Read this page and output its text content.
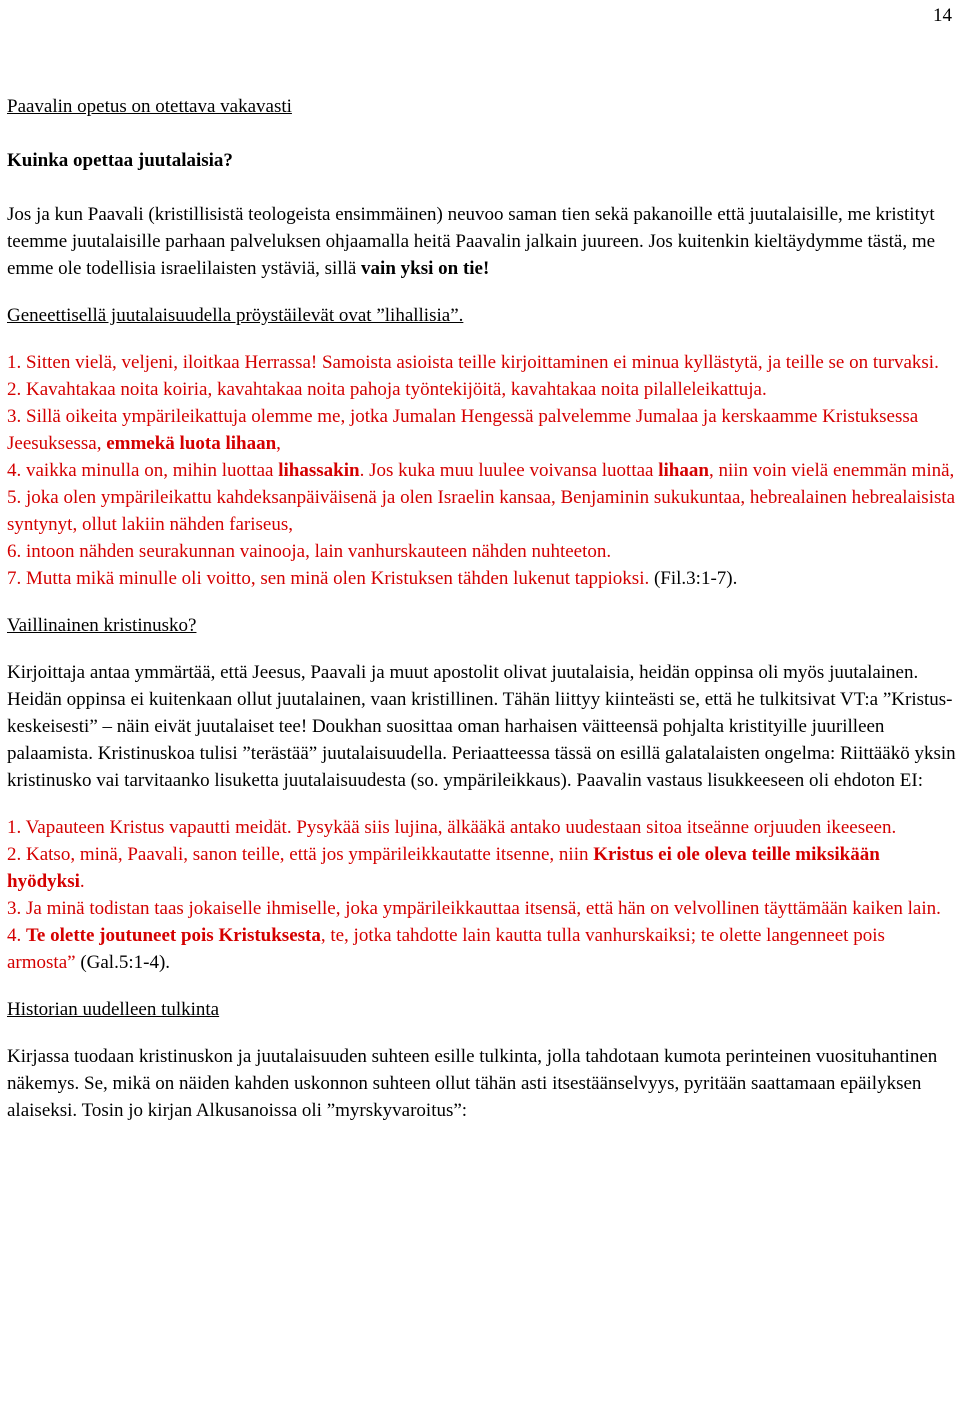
14

Paavalin opetus on otettava vakavasti

Kuinka opettaa juutalaisia?

Jos ja kun Paavali (kristillisistä teologeista ensimmäinen) neuvoo saman tien sekä pakanoille että juutalaisille, me kristityt teemme juutalaisille parhaan palveluksen ohjaamalla heitä Paavalin jalkain juureen. Jos kuitenkin kieltäydymme tästä, me emme ole todellisia israelilaisten ystäviä, sillä vain yksi on tie!

Geneettisellä juutalaisuudella pröystäilevät ovat ”lihallisia”.

1. Sitten vielä, veljeni, iloitkaa Herrassa! Samoista asioista teille kirjoittaminen ei minua kyllästytä, ja teille se on turvaksi.

2. Kavahtakaa noita koiria, kavahtakaa noita pahoja työntekijöitä, kavahtakaa noita pilalleleikattuja.

3. Sillä oikeita ympärileikattuja olemme me, jotka Jumalan Hengessä palvelemme Jumalaa ja kerskaamme Kristuksessa Jeesuksessa, emmekä luota lihaan,

4. vaikka minulla on, mihin luottaa lihassakin. Jos kuka muu luulee voivansa luottaa lihaan, niin voin vielä enemmän minä,

5. joka olen ympärileikattu kahdeksanpäiväisenä ja olen Israelin kansaa, Benjaminin sukukuntaa, hebrealainen hebrealaisista syntynyt, ollut lakiin nähden fariseus,

6. intoon nähden seurakunnan vainooja, lain vanhurskauteen nähden nuhteeton.

7. Mutta mikä minulle oli voitto, sen minä olen Kristuksen tähden lukenut tappioksi. (Fil.3:1-7).

Vaillinainen kristinusko?

Kirjoittaja antaa ymmärtää, että Jeesus, Paavali ja muut apostolit olivat juutalaisia, heidän oppinsa oli myös juutalainen. Heidän oppinsa ei kuitenkaan ollut juutalainen, vaan kristillinen. Tähän liittyy kiinteästi se, että he tulkitsivat VT:a ”Kristus-keskeisesti” – näin eivät juutalaiset tee! Doukhan suosittaa oman harhaisen väitteensä pohjalta kristityille juurilleen palaamista. Kristinuskoa tulisi ”terästää” juutalaisuudella. Periaatteessa tässä on esillä galatalaisten ongelma: Riittääkö yksin kristinusko vai tarvitaanko lisuketta juutalaisuudesta (so. ympärileikkaus). Paavalin vastaus lisukkeeseen oli ehdoton EI:

1. Vapauteen Kristus vapautti meidät. Pysykää siis lujina, älkääkä antako uudestaan sitoa itseänne orjuuden ikeeseen.

2. Katso, minä, Paavali, sanon teille, että jos ympärileikkautatte itsenne, niin Kristus ei ole oleva teille miksikään hyödyksi.

3. Ja minä todistan taas jokaiselle ihmiselle, joka ympärileikkauttaa itsensä, että hän on velvollinen täyttämään kaiken lain.

4. Te olette joutuneet pois Kristuksesta, te, jotka tahdotte lain kautta tulla vanhurskaiksi; te olette langenneet pois armosta” (Gal.5:1-4).

Historian uudelleen tulkinta

Kirjassa tuodaan kristinuskon ja juutalaisuuden suhteen esille tulkinta, jolla tahdotaan kumota perinteinen vuosituhantinen näkemys. Se, mikä on näiden kahden uskonnon suhteen ollut tähän asti itsestäänselvyys, pyritään saattamaan epäilyksen alaiseksi. Tosin jo kirjan Alkusanoissa oli ”myrskyvaroitus”:
